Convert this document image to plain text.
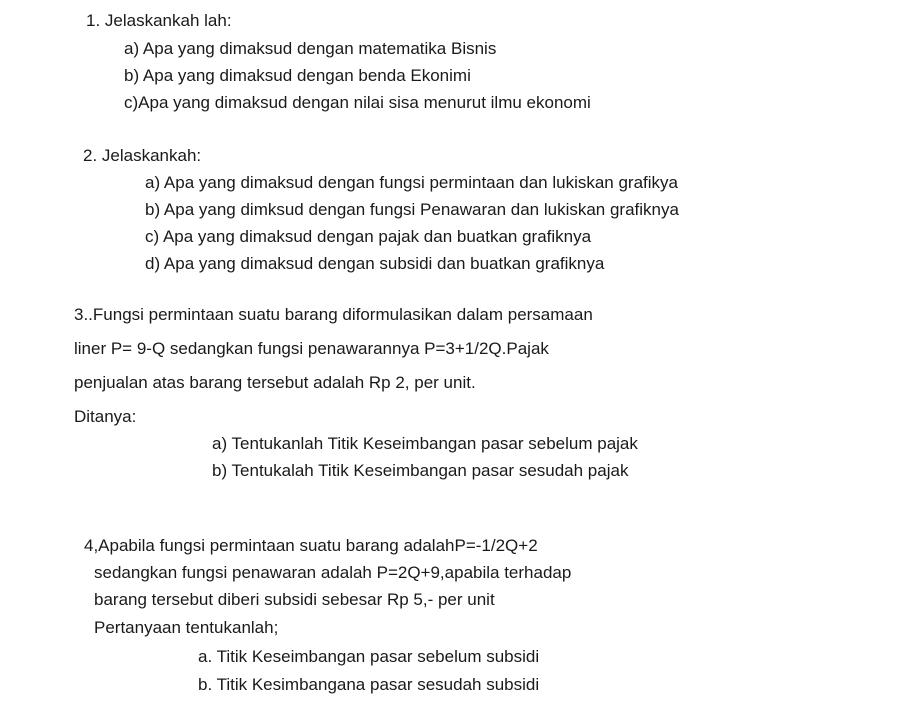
1. Jelaskankah lah:
a) Apa yang dimaksud dengan matematika Bisnis
b) Apa yang dimaksud dengan benda Ekonimi
c)Apa yang dimaksud dengan nilai sisa menurut ilmu ekonomi
2. Jelaskankah:
a) Apa yang dimaksud dengan fungsi permintaan dan lukiskan grafikya
b) Apa yang dimksud dengan fungsi Penawaran dan lukiskan grafiknya
c) Apa yang dimaksud dengan pajak dan buatkan grafiknya
d) Apa yang dimaksud dengan subsidi dan buatkan grafiknya
3..Fungsi permintaan suatu barang diformulasikan dalam persamaan
liner P= 9-Q sedangkan fungsi penawarannya P=3+1/2Q.Pajak
penjualan atas barang tersebut adalah Rp 2, per unit.
Ditanya:
a) Tentukanlah Titik Keseimbangan pasar sebelum pajak
b) Tentukalah Titik Keseimbangan pasar sesudah pajak
4,Apabila fungsi permintaan suatu barang adalahP=-1/2Q+2
sedangkan fungsi penawaran adalah P=2Q+9,apabila terhadap
barang tersebut diberi subsidi sebesar Rp 5,- per unit
Pertanyaan tentukanlah;
a. Titik Keseimbangan pasar sebelum subsidi
b. Titik Kesimbangana pasar sesudah subsidi
